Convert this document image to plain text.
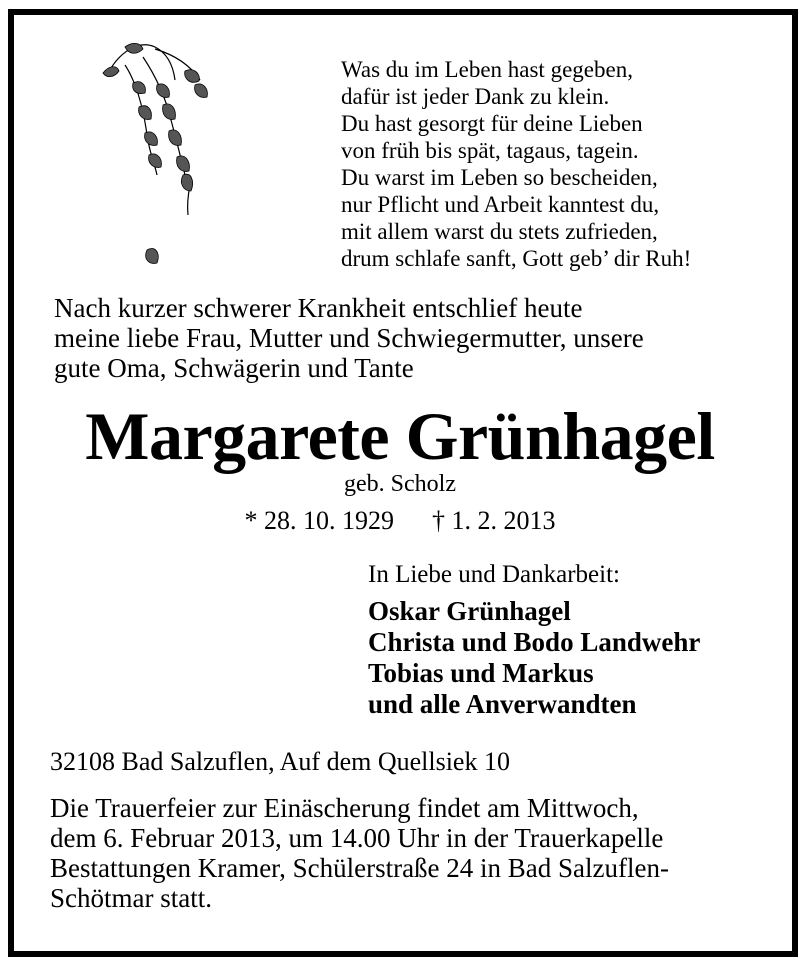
Was du im Leben hast gegeben,
dafür ist jeder Dank zu klein.
Du hast gesorgt für deine Lieben
von früh bis spät, tagaus, tagein.
Du warst im Leben so bescheiden,
nur Pflicht und Arbeit kanntest du,
mit allem warst du stets zufrieden,
drum schlafe sanft, Gott geb’ dir Ruh!
Nach kurzer schwerer Krankheit entschlief heute
meine liebe Frau, Mutter und Schwiegermutter, unsere
gute Oma, Schwägerin und Tante
Margarete Grünhagel
geb. Scholz
* 28. 10. 1929 † 1. 2. 2013
In Liebe und Dankarbeit:
Oskar Grünhagel
Christa und Bodo Landwehr
Tobias und Markus
und alle Anverwandten
32108 Bad Salzuflen, Auf dem Quellsiek 10
Die Trauerfeier zur Einäscherung findet am Mittwoch,
dem 6. Februar 2013, um 14.00 Uhr in der Trauerkapelle
Bestattungen Kramer, Schülerstraße 24 in Bad Salzuflen-
Schötmar statt.
